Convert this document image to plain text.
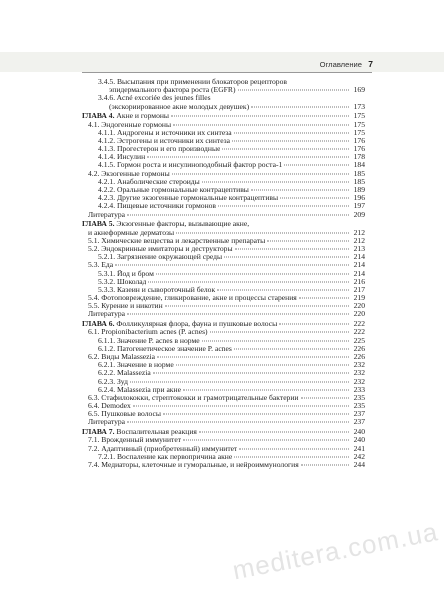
Оглавление 7
3.4.5. Высыпания при применении блокаторов рецепторов
эпидермального фактора роста (EGFR)	169
3.4.6. Acné excoriée des jeunes filles
(экскориированное акне молодых девушек)	173
ГЛАВА 4. Акне и гормоны	175
4.1. Эндогенные гормоны	175
4.1.1. Андрогены и источники их синтеза	175
4.1.2. Эстрогены и источники их синтеза	176
4.1.3. Прогестерон и его производные	176
4.1.4. Инсулин	178
4.1.5. Гормон роста и инсулиноподобный фактор роста-1	184
4.2. Экзогенные гормоны	185
4.2.1. Анаболические стероиды	185
4.2.2. Оральные гормональные контрацептивы	189
4.2.3. Другие экзогенные гормональные контрацептивы	196
4.2.4. Пищевые источники гормонов	197
Литература	209
ГЛАВА 5. Экзогенные факторы, вызывающие акне,
и акнеформные дерматозы	212
5.1. Химические вещества и лекарственные препараты	212
5.2. Эндокринные имитаторы и деструкторы	213
5.2.1. Загрязнение окружающей среды	214
5.3. Еда	214
5.3.1. Йод и бром	214
5.3.2. Шоколад	216
5.3.3. Казеин и сывороточный белок	217
5.4. Фотоповреждение, гликирование, акне и процессы старения	219
5.5. Курение и никотин	220
Литература	220
ГЛАВА 6. Фолликулярная флора, фауна и пушковые волосы	222
6.1. Propionibacterium acnes (P. acnes)	222
6.1.1. Значение P. acnes в норме	225
6.1.2. Патогенетическое значение P. acnes	226
6.2. Виды Malassezia	226
6.2.1. Значение в норме	232
6.2.2. Malassezia	232
6.2.3. Зуд	232
6.2.4. Malassezia при акне	233
6.3. Стафилококки, стрептококки и грамотрицательные бактерии	235
6.4. Demodex	235
6.5. Пушковые волосы	237
Литература	237
ГЛАВА 7. Воспалительная реакция	240
7.1. Врожденный иммунитет	240
7.2. Адаптивный (приобретенный) иммунитет	241
7.2.1. Воспаление как первопричина акне	242
7.4. Медиаторы, клеточные и гуморальные, и нейроиммунология	244
meditera.com.ua
